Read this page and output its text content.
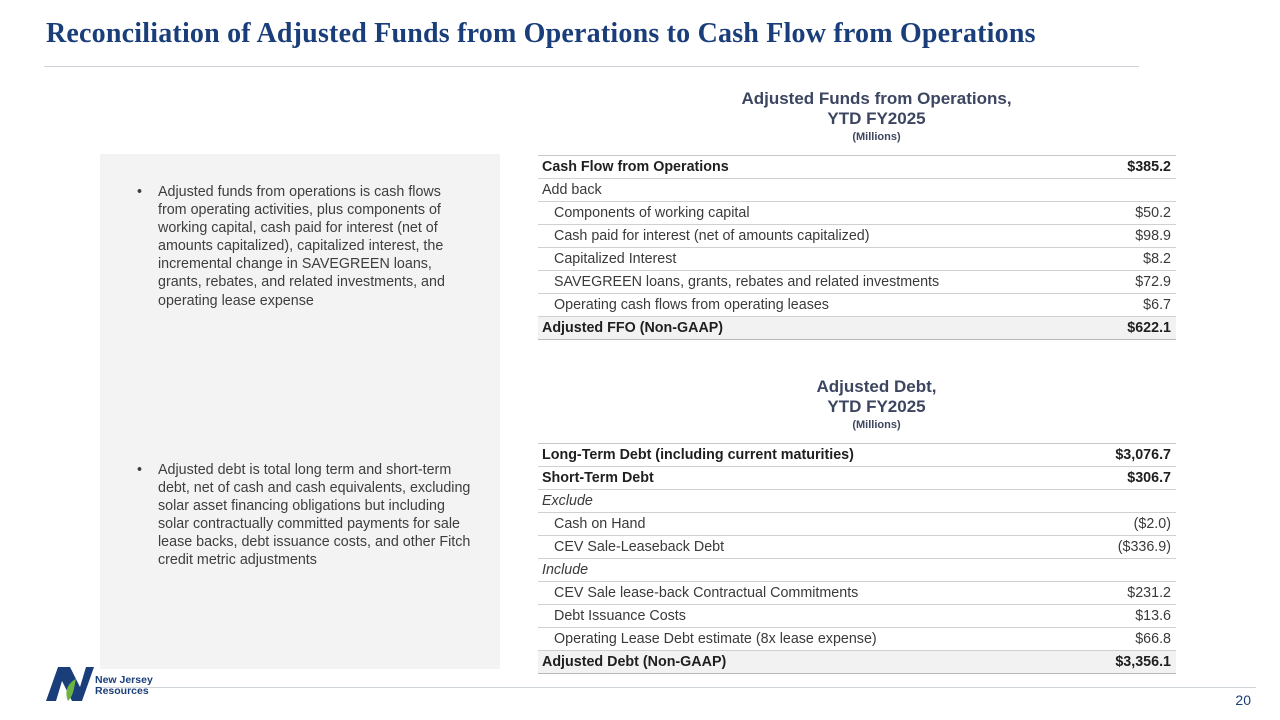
Reconciliation of Adjusted Funds from Operations to Cash Flow from Operations
• Adjusted funds from operations is cash flows from operating activities, plus components of working capital, cash paid for interest (net of amounts capitalized), capitalized interest, the incremental change in SAVEGREEN loans, grants, rebates, and related investments, and operating lease expense
• Adjusted debt is total long term and short-term debt, net of cash and cash equivalents, excluding solar asset financing obligations but including solar contractually committed payments for sale lease backs, debt issuance costs, and other Fitch credit metric adjustments
Adjusted Funds from Operations,
YTD FY2025
(Millions)
Cash Flow from Operations	$385.2
Add back	
Components of working capital	$50.2
Cash paid for interest (net of amounts capitalized)	$98.9
Capitalized Interest	$8.2
SAVEGREEN loans, grants, rebates and related investments	$72.9
Operating cash flows from operating leases	$6.7
Adjusted FFO (Non-GAAP)	$622.1
Adjusted Debt,
YTD FY2025
(Millions)
Long-Term Debt (including current maturities)	$3,076.7
Short-Term Debt	$306.7
Exclude	
Cash on Hand	($2.0)
CEV Sale-Leaseback Debt	($336.9)
Include	
CEV Sale lease-back Contractual Commitments	$231.2
Debt Issuance Costs	$13.6
Operating Lease Debt estimate (8x lease expense)	$66.8
Adjusted Debt (Non-GAAP)	$3,356.1
New Jersey
Resources
20
